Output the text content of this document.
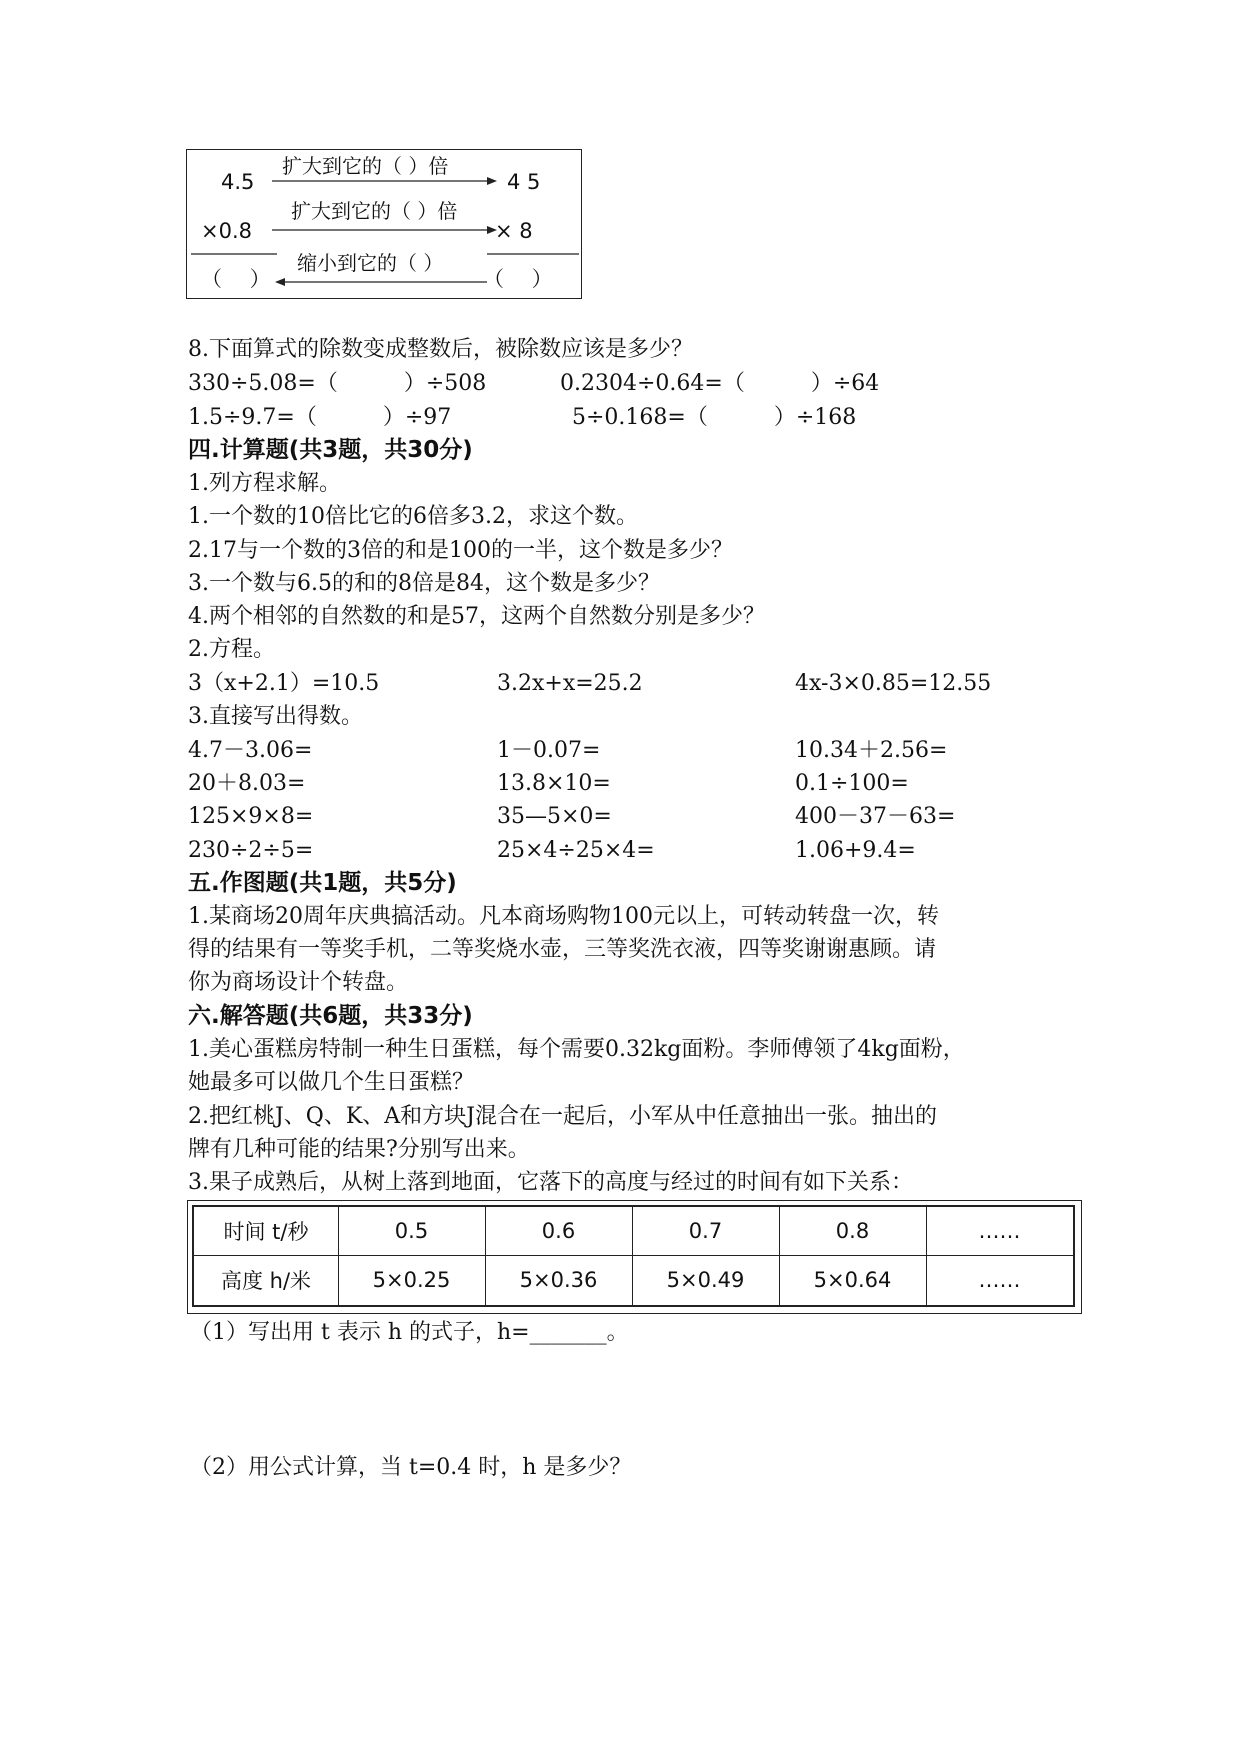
4.5
扩大到它的（ ）倍
4 5
×0.8
扩大到它的（ ）倍
× 8
（　 ）
缩小到它的（ ）
（　 ）
8.下面算式的除数变成整数后，被除数应该是多少？
330÷5.08=（　　　）÷508	0.2304÷0.64=（　　　）÷64
1.5÷9.7=（　　　）÷97	5÷0.168=（　　　）÷168
四.计算题(共3题，共30分)
1.列方程求解。
1.一个数的10倍比它的6倍多3.2，求这个数。
2.17与一个数的3倍的和是100的一半，这个数是多少？
3.一个数与6.5的和的8倍是84，这个数是多少？
4.两个相邻的自然数的和是57，这两个自然数分别是多少？
2.方程。
3（x+2.1）=10.5	3.2x+x=25.2	4x-3×0.85=12.55
3.直接写出得数。
4.7－3.06=	1－0.07=	10.34＋2.56=
20＋8.03=	13.8×10=	0.1÷100=
125×9×8=	35—5×0=	400－37－63=
230÷2÷5=	25×4÷25×4=	1.06+9.4=
五.作图题(共1题，共5分)
1.某商场20周年庆典搞活动。凡本商场购物100元以上，可转动转盘一次，转
得的结果有一等奖手机，二等奖烧水壶，三等奖洗衣液，四等奖谢谢惠顾。请
你为商场设计个转盘。
六.解答题(共6题，共33分)
1.美心蛋糕房特制一种生日蛋糕，每个需要0.32kg面粉。李师傅领了4kg面粉，
她最多可以做几个生日蛋糕？
2.把红桃J、Q、K、A和方块J混合在一起后，小军从中任意抽出一张。抽出的
牌有几种可能的结果?分别写出来。
3.果子成熟后，从树上落到地面，它落下的高度与经过的时间有如下关系：
时间 t/秒	0.5	0.6	0.7	0.8	……
高度 h/米	5×0.25	5×0.36	5×0.49	5×0.64	……
（1）写出用 t 表示 h 的式子，h=_______。
（2）用公式计算，当 t=0.4 时，h 是多少？
